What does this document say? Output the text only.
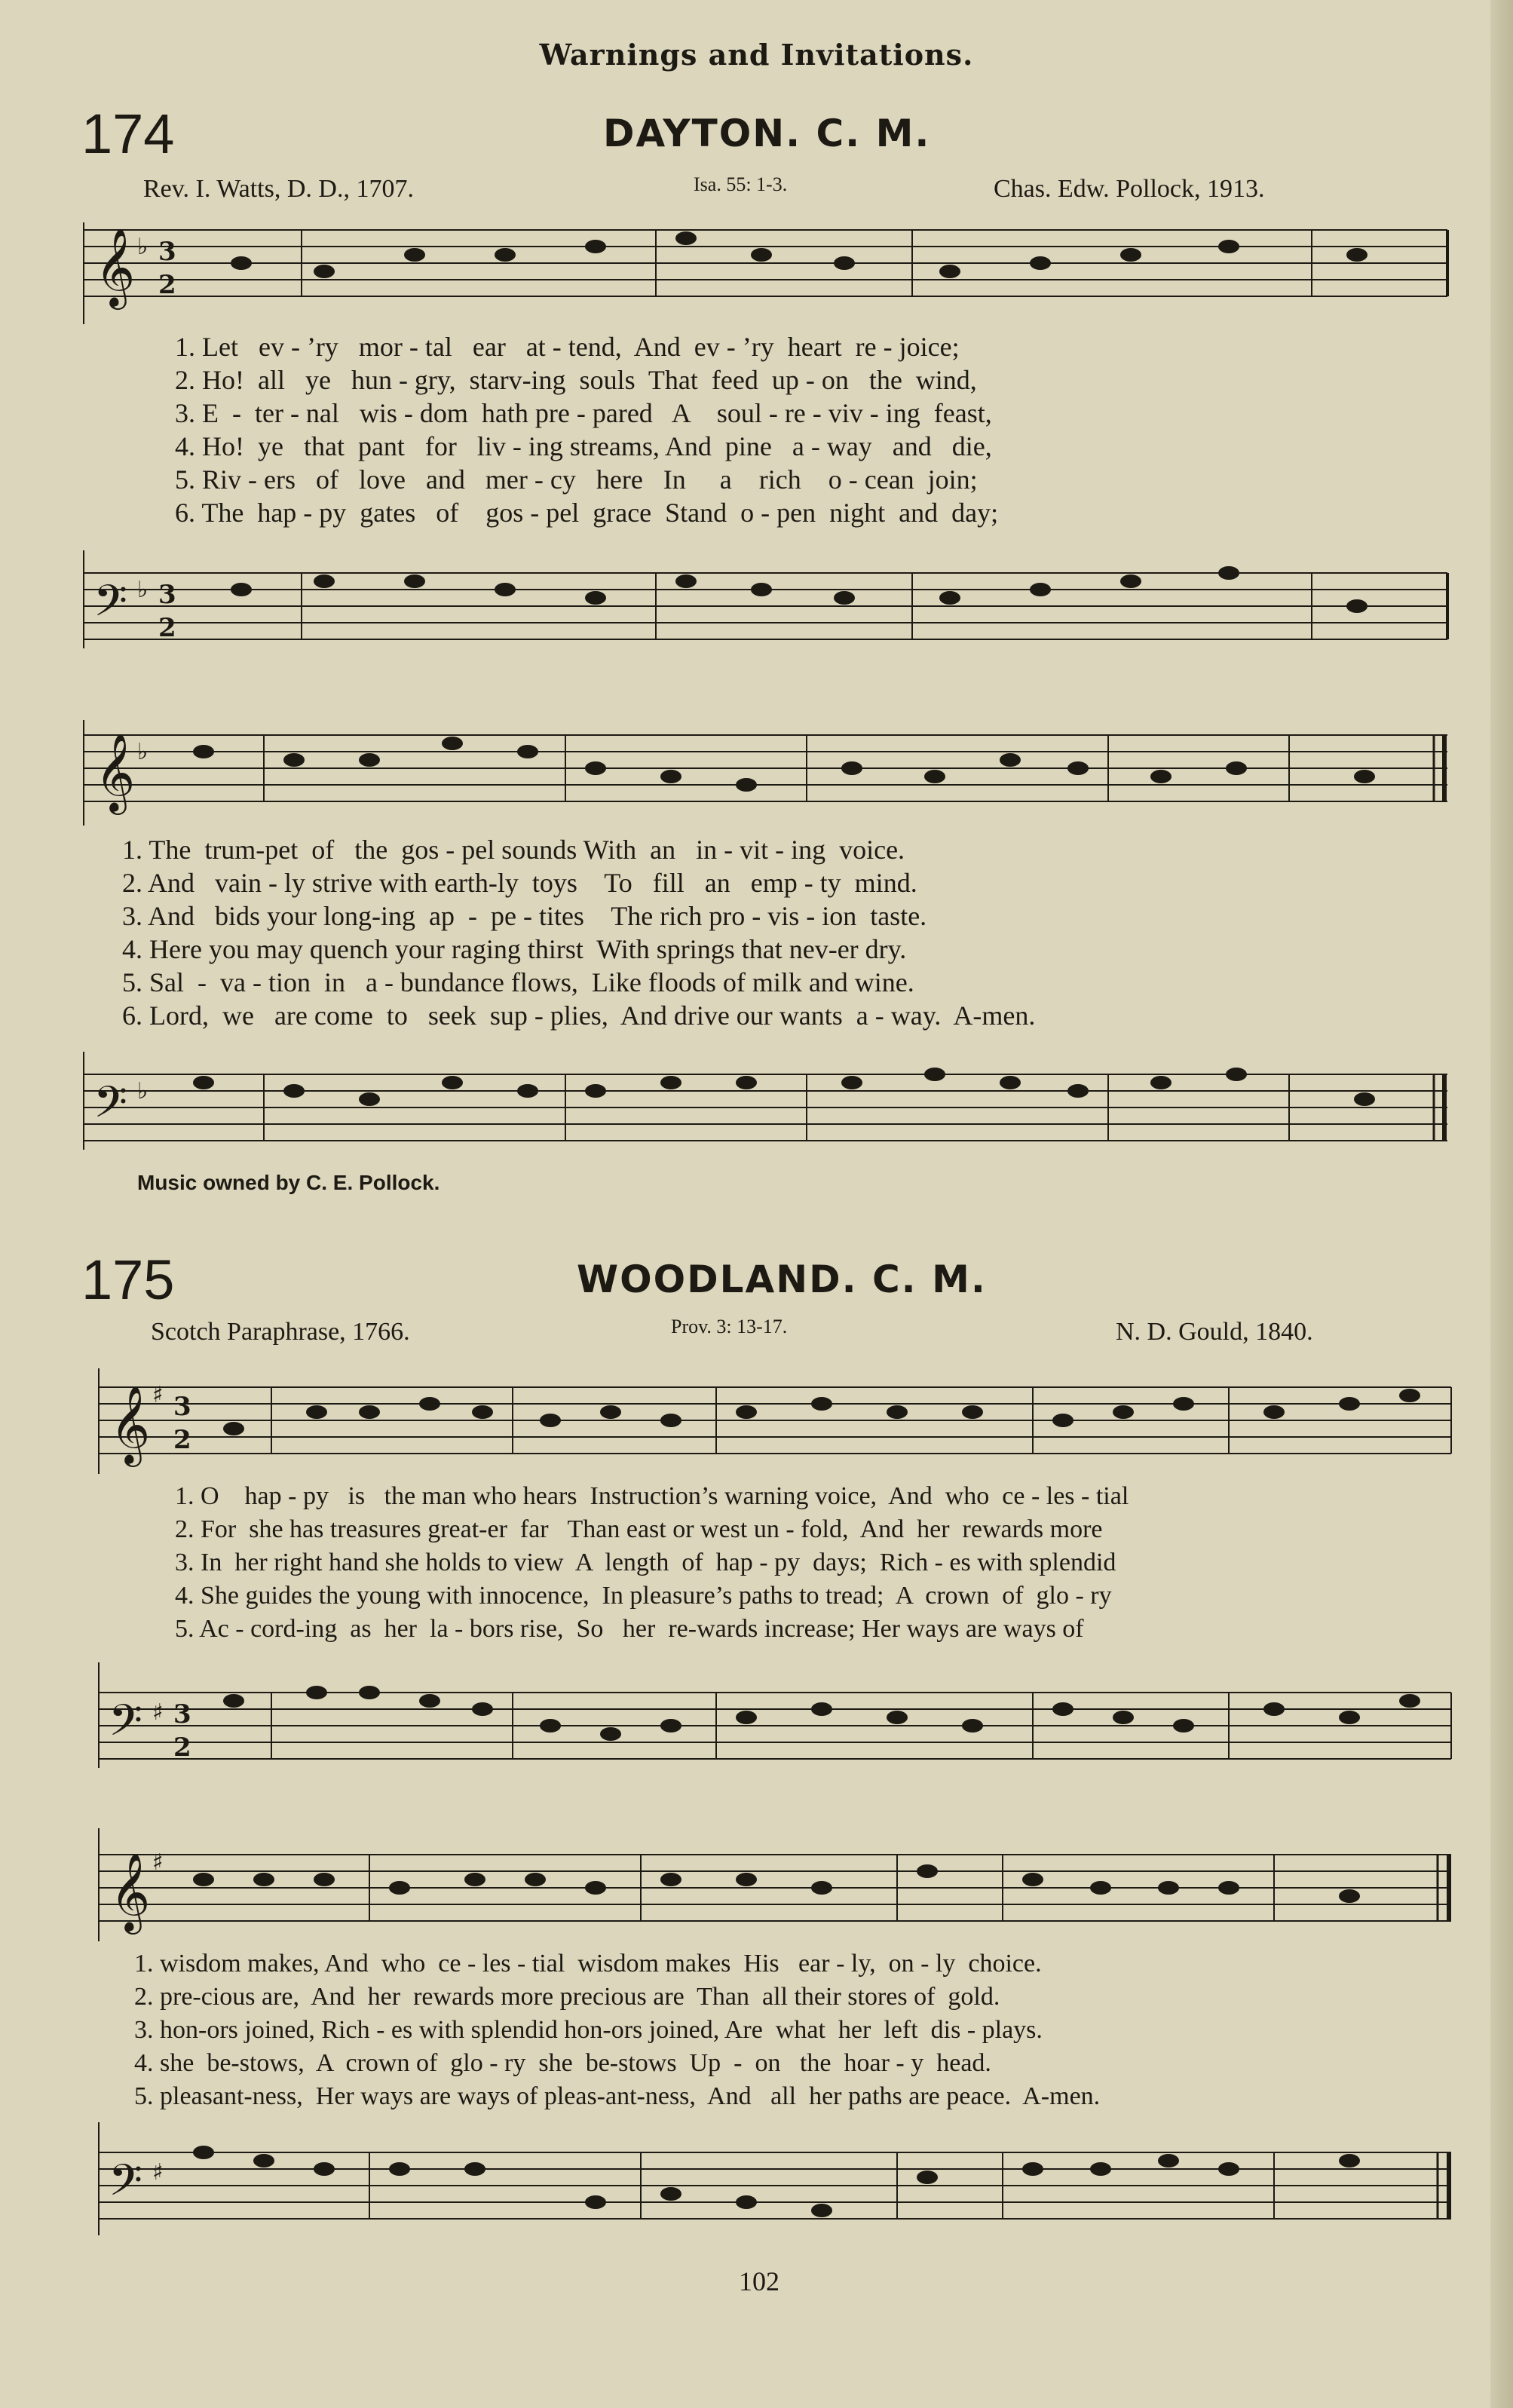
Warnings and Invitations.
174	DAYTON. C. M.
Rev. I. Watts, D. D., 1707.	Isa. 55: 1-3.	Chas. Edw. Pollock, 1913.
𝄞 ♭ 3
2
1. Let   ev - ’ry   mor - tal   ear   at - tend,  And  ev - ’ry  heart  re - joice;
2. Ho!  all   ye   hun - gry,  starv-ing  souls  That  feed  up - on   the  wind,
3. E  -  ter - nal   wis - dom  hath pre - pared   A    soul - re - viv - ing  feast,
4. Ho!  ye   that  pant   for   liv - ing streams, And  pine   a - way   and   die,
5. Riv - ers   of   love   and   mer - cy   here   In     a    rich    o - cean  join;
6. The  hap - py  gates   of    gos - pel  grace  Stand  o - pen  night  and  day;
𝄢 ♭ 3
2
𝄞 ♭
1. The  trum-pet  of   the  gos - pel sounds With  an   in - vit - ing  voice.
2. And   vain - ly strive with earth-ly  toys    To   fill   an   emp - ty  mind.
3. And   bids your long-ing  ap  -  pe - tites    The rich pro - vis - ion  taste.
4. Here you may quench your raging thirst  With springs that nev-er dry.
5. Sal  -  va - tion  in   a - bundance flows,  Like floods of milk and wine.
6. Lord,  we   are come  to   seek  sup - plies,  And drive our wants  a - way.  A-men.
𝄢 ♭
Music owned by C. E. Pollock.
175	WOODLAND. C. M.
Scotch Paraphrase, 1766.	Prov. 3: 13-17.	N. D. Gould, 1840.
𝄞 ♯ 3
2
1. O    hap - py   is   the man who hears  Instruction’s warning voice,  And  who  ce - les - tial
2. For  she has treasures great-er  far   Than east or west un - fold,  And  her  rewards more
3. In  her right hand she holds to view  A  length  of  hap - py  days;  Rich - es with splendid
4. She guides the young with innocence,  In pleasure’s paths to tread;  A  crown  of  glo - ry
5. Ac - cord-ing  as  her  la - bors rise,  So   her  re-wards increase; Her ways are ways of
𝄢 ♯ 3
2
𝄞 ♯
1. wisdom makes, And  who  ce - les - tial  wisdom makes  His   ear - ly,  on - ly  choice.
2. pre-cious are,  And  her  rewards more precious are  Than  all their stores of  gold.
3. hon-ors joined, Rich - es with splendid hon-ors joined, Are  what  her  left  dis - plays.
4. she  be-stows,  A  crown of  glo - ry  she  be-stows  Up  -  on   the  hoar - y  head.
5. pleasant-ness,  Her ways are ways of pleas-ant-ness,  And   all  her paths are peace.  A-men.
𝄢 ♯
102
